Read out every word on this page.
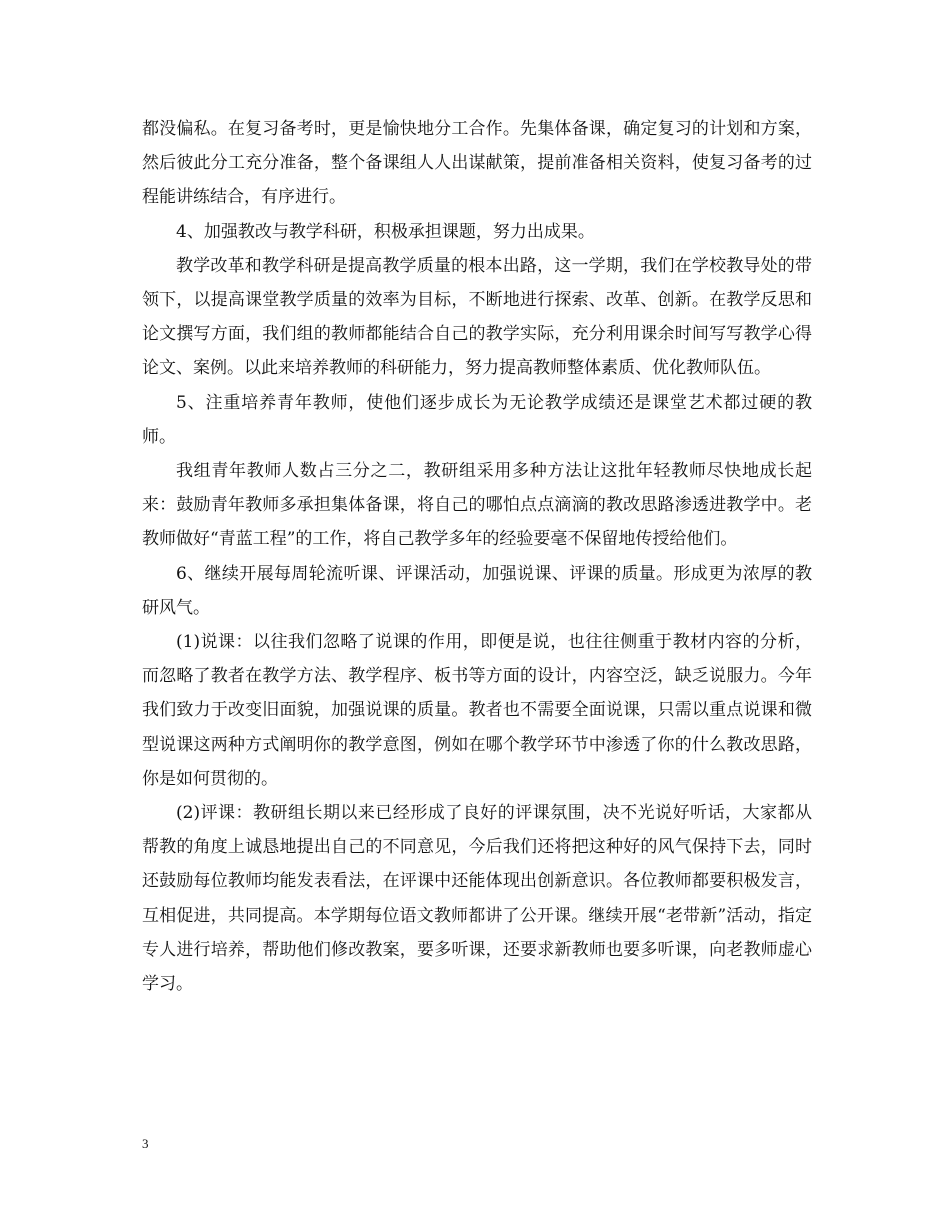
都没偏私。在复习备考时，更是愉快地分工合作。先集体备课，确定复习的计划和方案，然后彼此分工充分准备，整个备课组人人出谋献策，提前准备相关资料，使复习备考的过程能讲练结合，有序进行。

4、加强教改与教学科研，积极承担课题，努力出成果。

教学改革和教学科研是提高教学质量的根本出路，这一学期，我们在学校教导处的带领下，以提高课堂教学质量的效率为目标，不断地进行探索、改革、创新。在教学反思和论文撰写方面，我们组的教师都能结合自己的教学实际，充分利用课余时间写写教学心得论文、案例。以此来培养教师的科研能力，努力提高教师整体素质、优化教师队伍。

5、注重培养青年教师，使他们逐步成长为无论教学成绩还是课堂艺术都过硬的教师。

我组青年教师人数占三分之二，教研组采用多种方法让这批年轻教师尽快地成长起来：鼓励青年教师多承担集体备课，将自己的哪怕点点滴滴的教改思路渗透进教学中。老教师做好“青蓝工程”的工作，将自己教学多年的经验要毫不保留地传授给他们。

6、继续开展每周轮流听课、评课活动，加强说课、评课的质量。形成更为浓厚的教研风气。

(1)说课：以往我们忽略了说课的作用，即便是说，也往往侧重于教材内容的分析，而忽略了教者在教学方法、教学程序、板书等方面的设计，内容空泛，缺乏说服力。今年我们致力于改变旧面貌，加强说课的质量。教者也不需要全面说课，只需以重点说课和微型说课这两种方式阐明你的教学意图，例如在哪个教学环节中渗透了你的什么教改思路，你是如何贯彻的。

(2)评课：教研组长期以来已经形成了良好的评课氛围，决不光说好听话，大家都从帮教的角度上诚恳地提出自己的不同意见，今后我们还将把这种好的风气保持下去，同时还鼓励每位教师均能发表看法，在评课中还能体现出创新意识。各位教师都要积极发言，互相促进，共同提高。本学期每位语文教师都讲了公开课。继续开展“老带新”活动，指定专人进行培养，帮助他们修改教案，要多听课，还要求新教师也要多听课，向老教师虚心学习。

3
